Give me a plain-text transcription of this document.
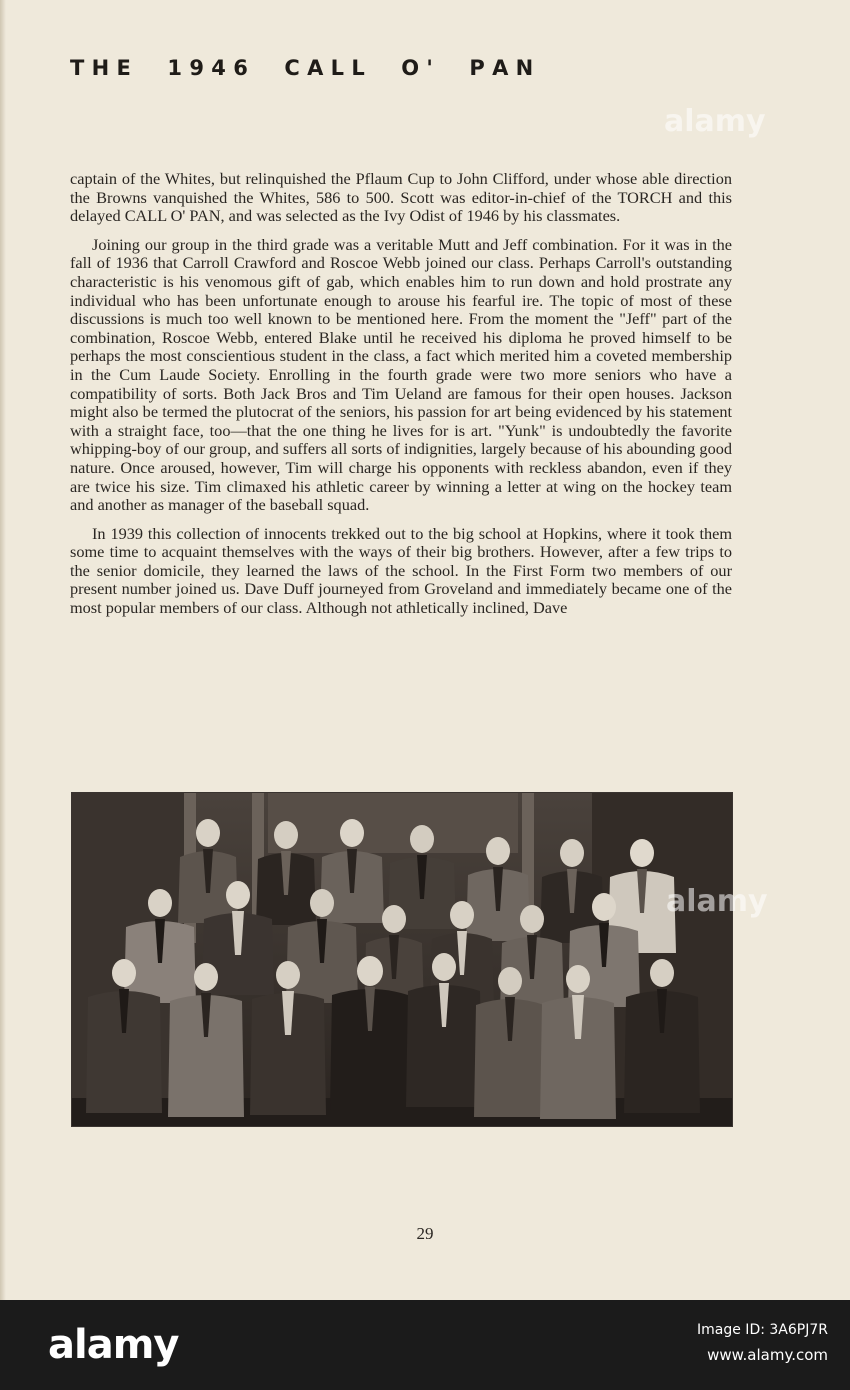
T H E     1 9 4 6     C A L L     O '     P A N
alamy

captain of the Whites, but relinquished the Pflaum Cup to John Clifford, under whose able direction the Browns vanquished the Whites, 586 to 500. Scott was editor-in-chief of the TORCH and this delayed CALL O' PAN, and was selected as the Ivy Odist of 1946 by his classmates.

Joining our group in the third grade was a veritable Mutt and Jeff combination. For it was in the fall of 1936 that Carroll Crawford and Roscoe Webb joined our class. Perhaps Carroll's outstanding characteristic is his venomous gift of gab, which enables him to run down and hold prostrate any individual who has been unfortunate enough to arouse his fearful ire. The topic of most of these discussions is much too well known to be mentioned here. From the moment the "Jeff" part of the combination, Roscoe Webb, entered Blake until he received his diploma he proved himself to be perhaps the most conscientious student in the class, a fact which merited him a coveted membership in the Cum Laude Society. Enrolling in the fourth grade were two more seniors who have a compatibility of sorts. Both Jack Bros and Tim Ueland are famous for their open houses. Jackson might also be termed the plutocrat of the seniors, his passion for art being evidenced by his statement with a straight face, too—that the one thing he lives for is art. "Yunk" is undoubtedly the favorite whipping-boy of our group, and suffers all sorts of indignities, largely because of his abounding good nature. Once aroused, however, Tim will charge his opponents with reckless abandon, even if they are twice his size. Tim climaxed his athletic career by winning a letter at wing on the hockey team and another as manager of the baseball squad.

In 1939 this collection of innocents trekked out to the big school at Hopkins, where it took them some time to acquaint themselves with the ways of their big brothers. However, after a few trips to the senior domicile, they learned the laws of the school. In the First Form two members of our present number joined us. Dave Duff journeyed from Groveland and immediately became one of the most popular members of our class. Although not athletically inclined, Dave

alamy
29
alamy	Image ID: 3A6PJ7R
www.alamy.com
